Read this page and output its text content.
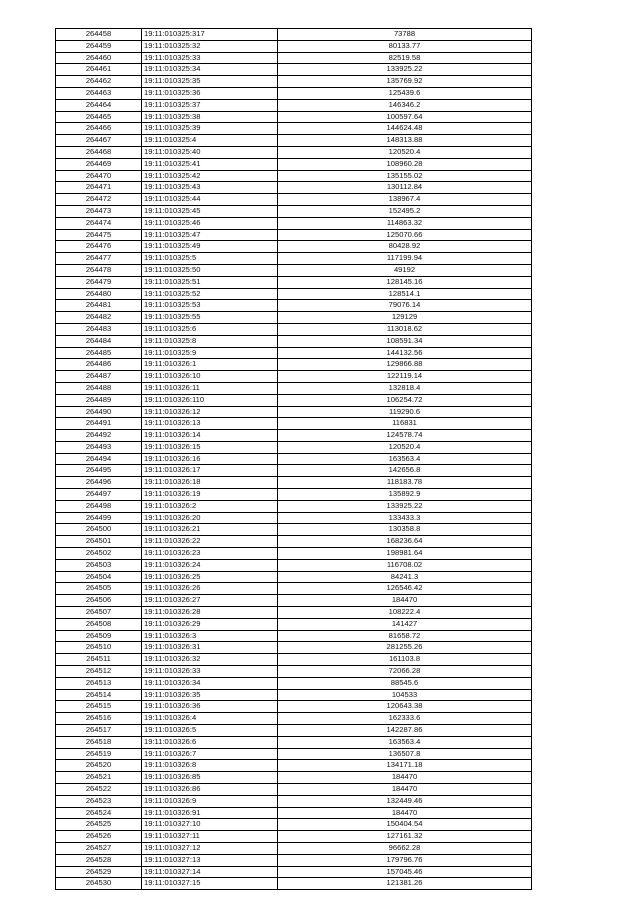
264458	19:11:010325:317	73788
264459	19:11:010325:32	80133.77
264460	19:11:010325:33	82519.58
264461	19:11:010325:34	133925.22
264462	19:11:010325:35	135769.92
264463	19:11:010325:36	125439.6
264464	19:11:010325:37	146346.2
264465	19:11:010325:38	100597.64
264466	19:11:010325:39	144624.48
264467	19:11:010325:4	148313.88
264468	19:11:010325:40	120520.4
264469	19:11:010325:41	108960.28
264470	19:11:010325:42	135155.02
264471	19:11:010325:43	130112.84
264472	19:11:010325:44	138967.4
264473	19:11:010325:45	152495.2
264474	19:11:010325:46	114863.32
264475	19:11:010325:47	125070.66
264476	19:11:010325:49	80428.92
264477	19:11:010325:5	117199.94
264478	19:11:010325:50	49192
264479	19:11:010325:51	128145.16
264480	19:11:010325:52	128514.1
264481	19:11:010325:53	79076.14
264482	19:11:010325:55	129129
264483	19:11:010325:6	113018.62
264484	19:11:010325:8	108591.34
264485	19:11:010325:9	144132.56
264486	19:11:010326:1	129866.88
264487	19:11:010326:10	122119.14
264488	19:11:010326:11	132818.4
264489	19:11:010326:110	106254.72
264490	19:11:010326:12	119290.6
264491	19:11:010326:13	116831
264492	19:11:010326:14	124578.74
264493	19:11:010326:15	120520.4
264494	19:11:010326:16	163563.4
264495	19:11:010326:17	142656.8
264496	19:11:010326:18	118183.78
264497	19:11:010326:19	135892.9
264498	19:11:010326:2	133925.22
264499	19:11:010326:20	133433.3
264500	19:11:010326:21	130358.8
264501	19:11:010326:22	168236.64
264502	19:11:010326:23	198981.64
264503	19:11:010326:24	116708.02
264504	19:11:010326:25	84241.3
264505	19:11:010326:26	126546.42
264506	19:11:010326:27	184470
264507	19:11:010326:28	108222.4
264508	19:11:010326:29	141427
264509	19:11:010326:3	81658.72
264510	19:11:010326:31	281255.26
264511	19:11:010326:32	161103.8
264512	19:11:010326:33	72066.28
264513	19:11:010326:34	88545.6
264514	19:11:010326:35	104533
264515	19:11:010326:36	120643.38
264516	19:11:010326:4	162333.6
264517	19:11:010326:5	142287.86
264518	19:11:010326:6	163563.4
264519	19:11:010326:7	136507.8
264520	19:11:010326:8	134171.18
264521	19:11:010326:85	184470
264522	19:11:010326:86	184470
264523	19:11:010326:9	132449.46
264524	19:11:010326:91	184470
264525	19:11:010327:10	150404.54
264526	19:11:010327:11	127161.32
264527	19:11:010327:12	96662.28
264528	19:11:010327:13	179796.76
264529	19:11:010327:14	157045.46
264530	19:11:010327:15	121381.26
